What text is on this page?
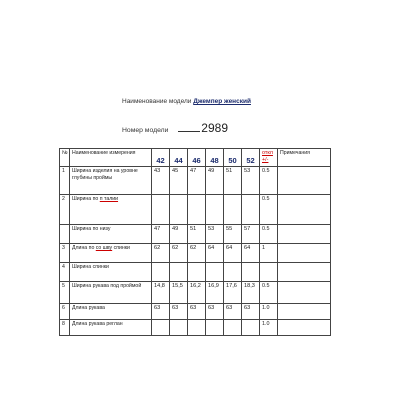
Наименование модели Джемпер женский
Номер модели	2989
№	Наименование измерения	42	44	46	48	50	52	откл +/-	Примечания
1	Ширина изделия на уровне глубины проймы	43	45	47	49	51	53	0.5	
2	Ширина по п талии							0.5	
	Ширина по низу	47	49	51	53	55	57	0.5	
3	Длина по со шву спинки	62	62	62	64	64	64	1	
4	Ширина спинки								
5	Ширина рукава под проймой	14,8	15,5	16,2	16,9	17,6	18,3	0.5	
6	Длина рукава	63	63	63	63	63	63	1.0	
8	Длина рукава реглан							1.0	
